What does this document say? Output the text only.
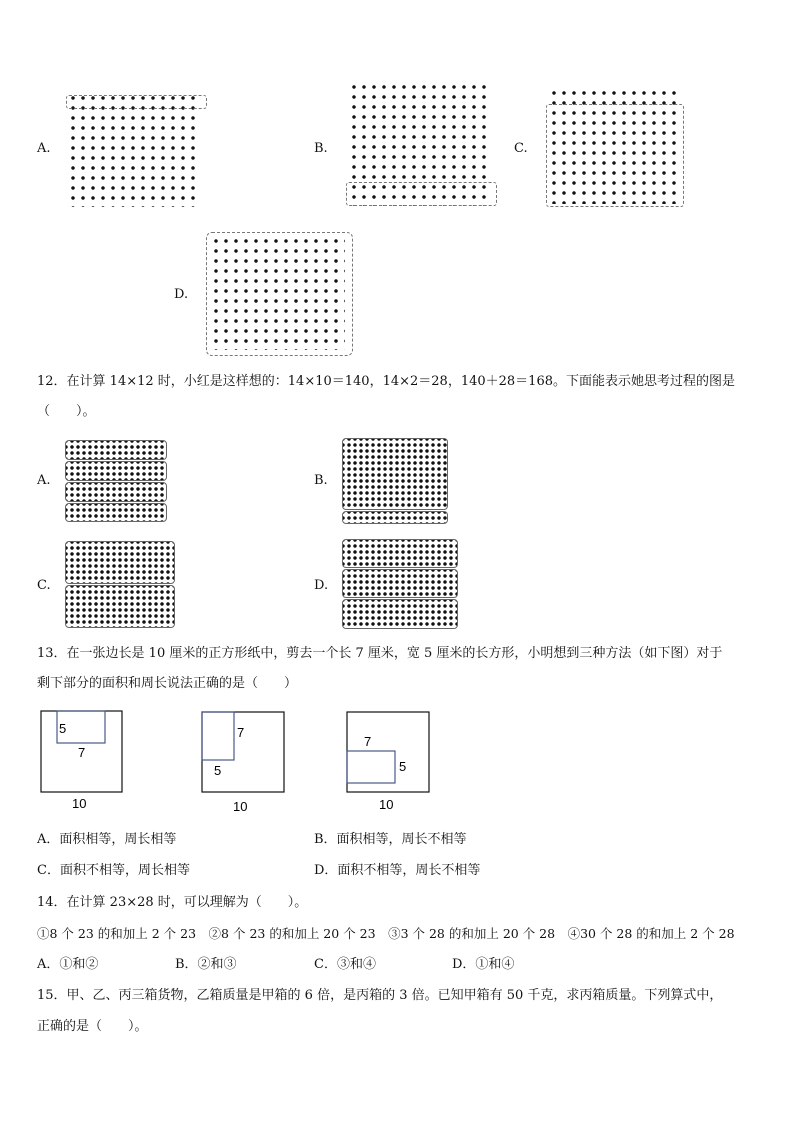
A.	B.	C.
D.
12．在计算 14×12 时，小红是这样想的：14×10＝140，14×2＝28，140＋28＝168。下面能表示她思考过程的图是
（　　）。
A.	B.
C.	D.
13．在一张边长是 10 厘米的正方形纸中，剪去一个长 7 厘米，宽 5 厘米的长方形，小明想到三种方法（如下图）对于
剩下部分的面积和周长说法正确的是（　　）
5
7
10
7
5
10
7
5
10
A．面积相等，周长相等	B．面积相等，周长不相等
C．面积不相等，周长相等	D．面积不相等，周长不相等
14．在计算 23×28 时，可以理解为（　　）。
①8 个 23 的和加上 2 个 23　②8 个 23 的和加上 20 个 23　③3 个 28 的和加上 20 个 28　④30 个 28 的和加上 2 个 28
A．①和②	B．②和③	C．③和④	D．①和④
15．甲、乙、丙三箱货物，乙箱质量是甲箱的 6 倍，是丙箱的 3 倍。已知甲箱有 50 千克，求丙箱质量。下列算式中，
正确的是（　　）。
